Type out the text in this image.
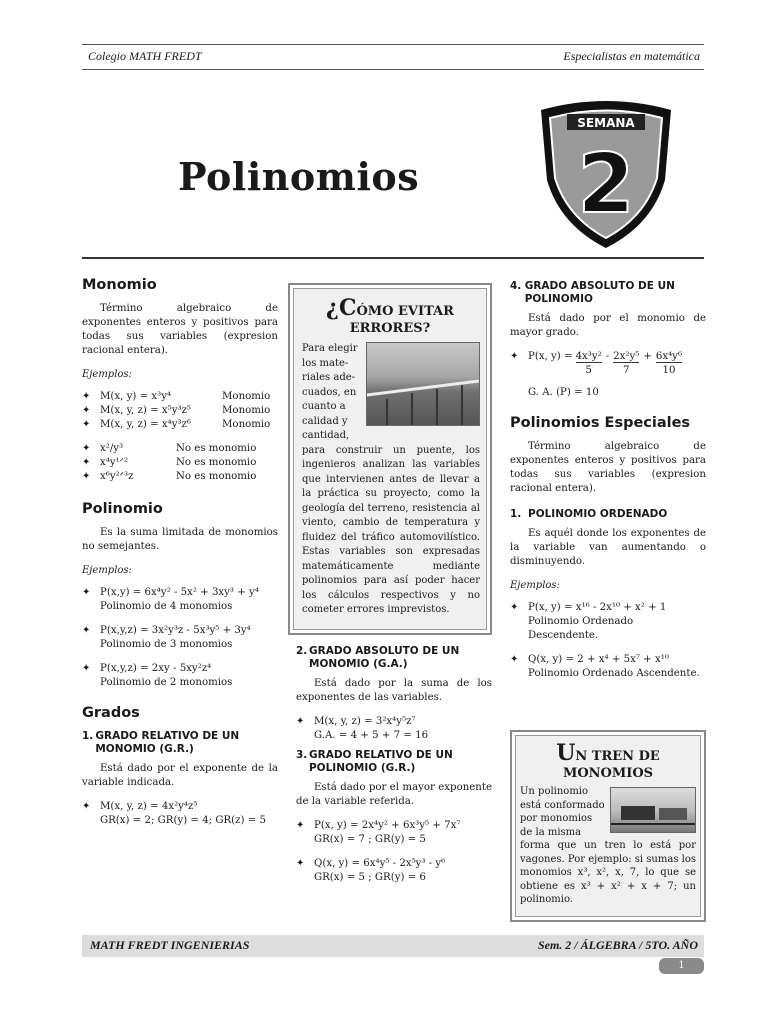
Colegio MATH FREDT	Especialistas en matemática
Polinomios
SEMANA
2
Monomio

Término algebraico de exponentes enteros y positivos para todas sus variables (expresion racional entera).

Ejemplos:
✦ M(x, y) = x³y⁴	Monomio
✦ M(x, y, z) = x⁵y³z⁵	Monomio
✦ M(x, y, z) = x⁴y³z⁶	Monomio
✦ x²/y³	No es monomio
✦ x⁴y¹ᐟ²	No es monomio
✦ x⁶y²ᐟ³z	No es monomio
Polinomio

Es la suma limitada de monomios no semejantes.

Ejemplos:
✦ P(x,y) = 6x⁴y² - 5x² + 3xy³ + y⁴
Polinomio de 4 monomios
✦ P(x,y,z) = 3x²y³z - 5x³y⁵ + 3y⁴
Polinomio de 3 monomios
✦ P(x,y,z) = 2xy - 5xy²z⁴
Polinomio de 2 monomios
Grados
1. GRADO RELATIVO DE UN MONOMIO (G.R.)

Está dado por el exponente de la variable indicada.

✦ M(x, y, z) = 4x²y⁴z⁵
GR(x) = 2; GR(y) = 4; GR(z) = 5
¿CÓMO EVITAR
ERRORES?
Para elegir
los mate-
riales ade-
cuados, en
cuanto a
calidad y
cantidad,

para construir un puente, los ingenieros analizan las variables que intervienen antes de llevar a la práctica su proyecto, como la geología del terreno, resistencia al viento, cambio de temperatura y fluidez del tráfico automovilístico. Estas variables son expresadas matemáticamente mediante polinomios para así poder hacer los cálculos respectivos y no cometer errores imprevistos.

2. GRADO ABSOLUTO DE UN MONOMIO (G.A.)

Está dado por la suma de los exponentes de las variables.

✦ M(x, y, z) = 3²x⁴y⁵z⁷
G.A. = 4 + 5 + 7 = 16
3. GRADO RELATIVO DE UN POLINOMIO (G.R.)

Está dado por el mayor exponente de la variable referida.

✦ P(x, y) = 2x⁴y² + 6x³y⁵ + 7x⁷
GR(x) = 7 ; GR(y) = 5
✦ Q(x, y) = 6x⁴y⁵ - 2x⁵y³ - y⁶
GR(x) = 5 ; GR(y) = 6
4. GRADO ABSOLUTO DE UN POLINOMIO

Está dado por el monomio de mayor grado.

✦ P(x, $y) = \frac{\text{4x³y²}}{5} - 2x^2y^5$
7
+ $\frac{\text{6x⁴y⁶}}{10}$

G. A. (P) = 10

Polinomios Especiales

Término algebraico de exponentes enteros y positivos para todas sus variables (expresion racional entera).

1. POLINOMIO ORDENADO

Es aquél donde los exponentes de la variable van aumentando o disminuyendo.

Ejemplos:
✦ P(x, y) = x¹⁶ - 2x¹⁰ + x² + 1
Polinomio Ordenado Descendente.
✦ Q(x, y) = 2 + x⁴ + 5x⁷ + x¹⁰
Polinomio Ordenado Ascendente.
UN TREN DE
MONOMIOS
Un polinomio
está conformado
por monomios
de la misma

forma que un tren lo está por vagones. Por ejemplo: si sumas los monomios x³, x², x, 7, lo que se obtiene es x³ + x² + x + 7; un polinomio.

MATH FREDT INGENIERIAS	Sem. 2 / ÁLGEBRA / 5TO. AÑO
1
